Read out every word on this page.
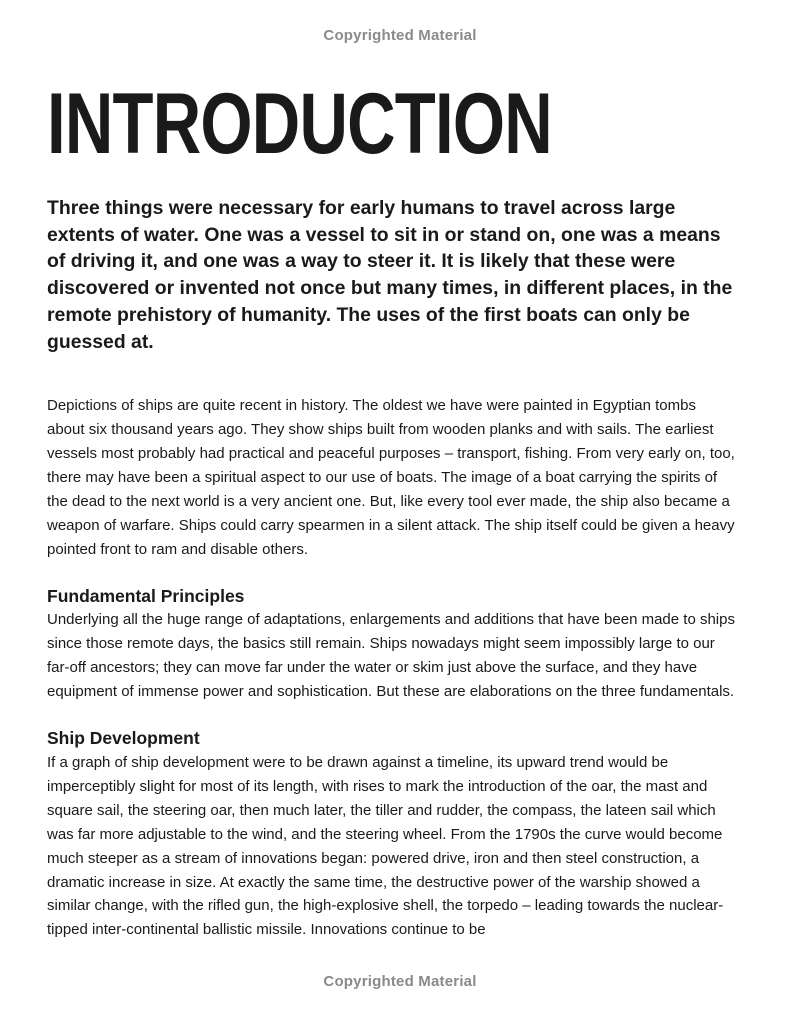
Copyrighted Material
INTRODUCTION

Three things were necessary for early humans to travel across large extents of water. One was a vessel to sit in or stand on, one was a means of driving it, and one was a way to steer it. It is likely that these were discovered or invented not once but many times, in different places, in the remote prehistory of humanity. The uses of the first boats can only be guessed at.

Depictions of ships are quite recent in history. The oldest we have were painted in Egyptian tombs about six thousand years ago. They show ships built from wooden planks and with sails. The earliest vessels most probably had practical and peaceful purposes – transport, fishing. From very early on, too, there may have been a spiritual aspect to our use of boats. The image of a boat carrying the spirits of the dead to the next world is a very ancient one. But, like every tool ever made, the ship also became a weapon of warfare. Ships could carry spearmen in a silent attack. The ship itself could be given a heavy pointed front to ram and disable others.

Fundamental Principles

Underlying all the huge range of adaptations, enlargements and additions that have been made to ships since those remote days, the basics still remain. Ships nowadays might seem impossibly large to our far-off ancestors; they can move far under the water or skim just above the surface, and they have equipment of immense power and sophistication. But these are elaborations on the three fundamentals.

Ship Development

If a graph of ship development were to be drawn against a timeline, its upward trend would be imperceptibly slight for most of its length, with rises to mark the introduction of the oar, the mast and square sail, the steering oar, then much later, the tiller and rudder, the compass, the lateen sail which was far more adjustable to the wind, and the steering wheel. From the 1790s the curve would become much steeper as a stream of innovations began: powered drive, iron and then steel construction, a dramatic increase in size. At exactly the same time, the destructive power of the warship showed a similar change, with the rifled gun, the high-explosive shell, the torpedo – leading towards the nuclear-tipped inter-continental ballistic missile. Innovations continue to be

Copyrighted Material
